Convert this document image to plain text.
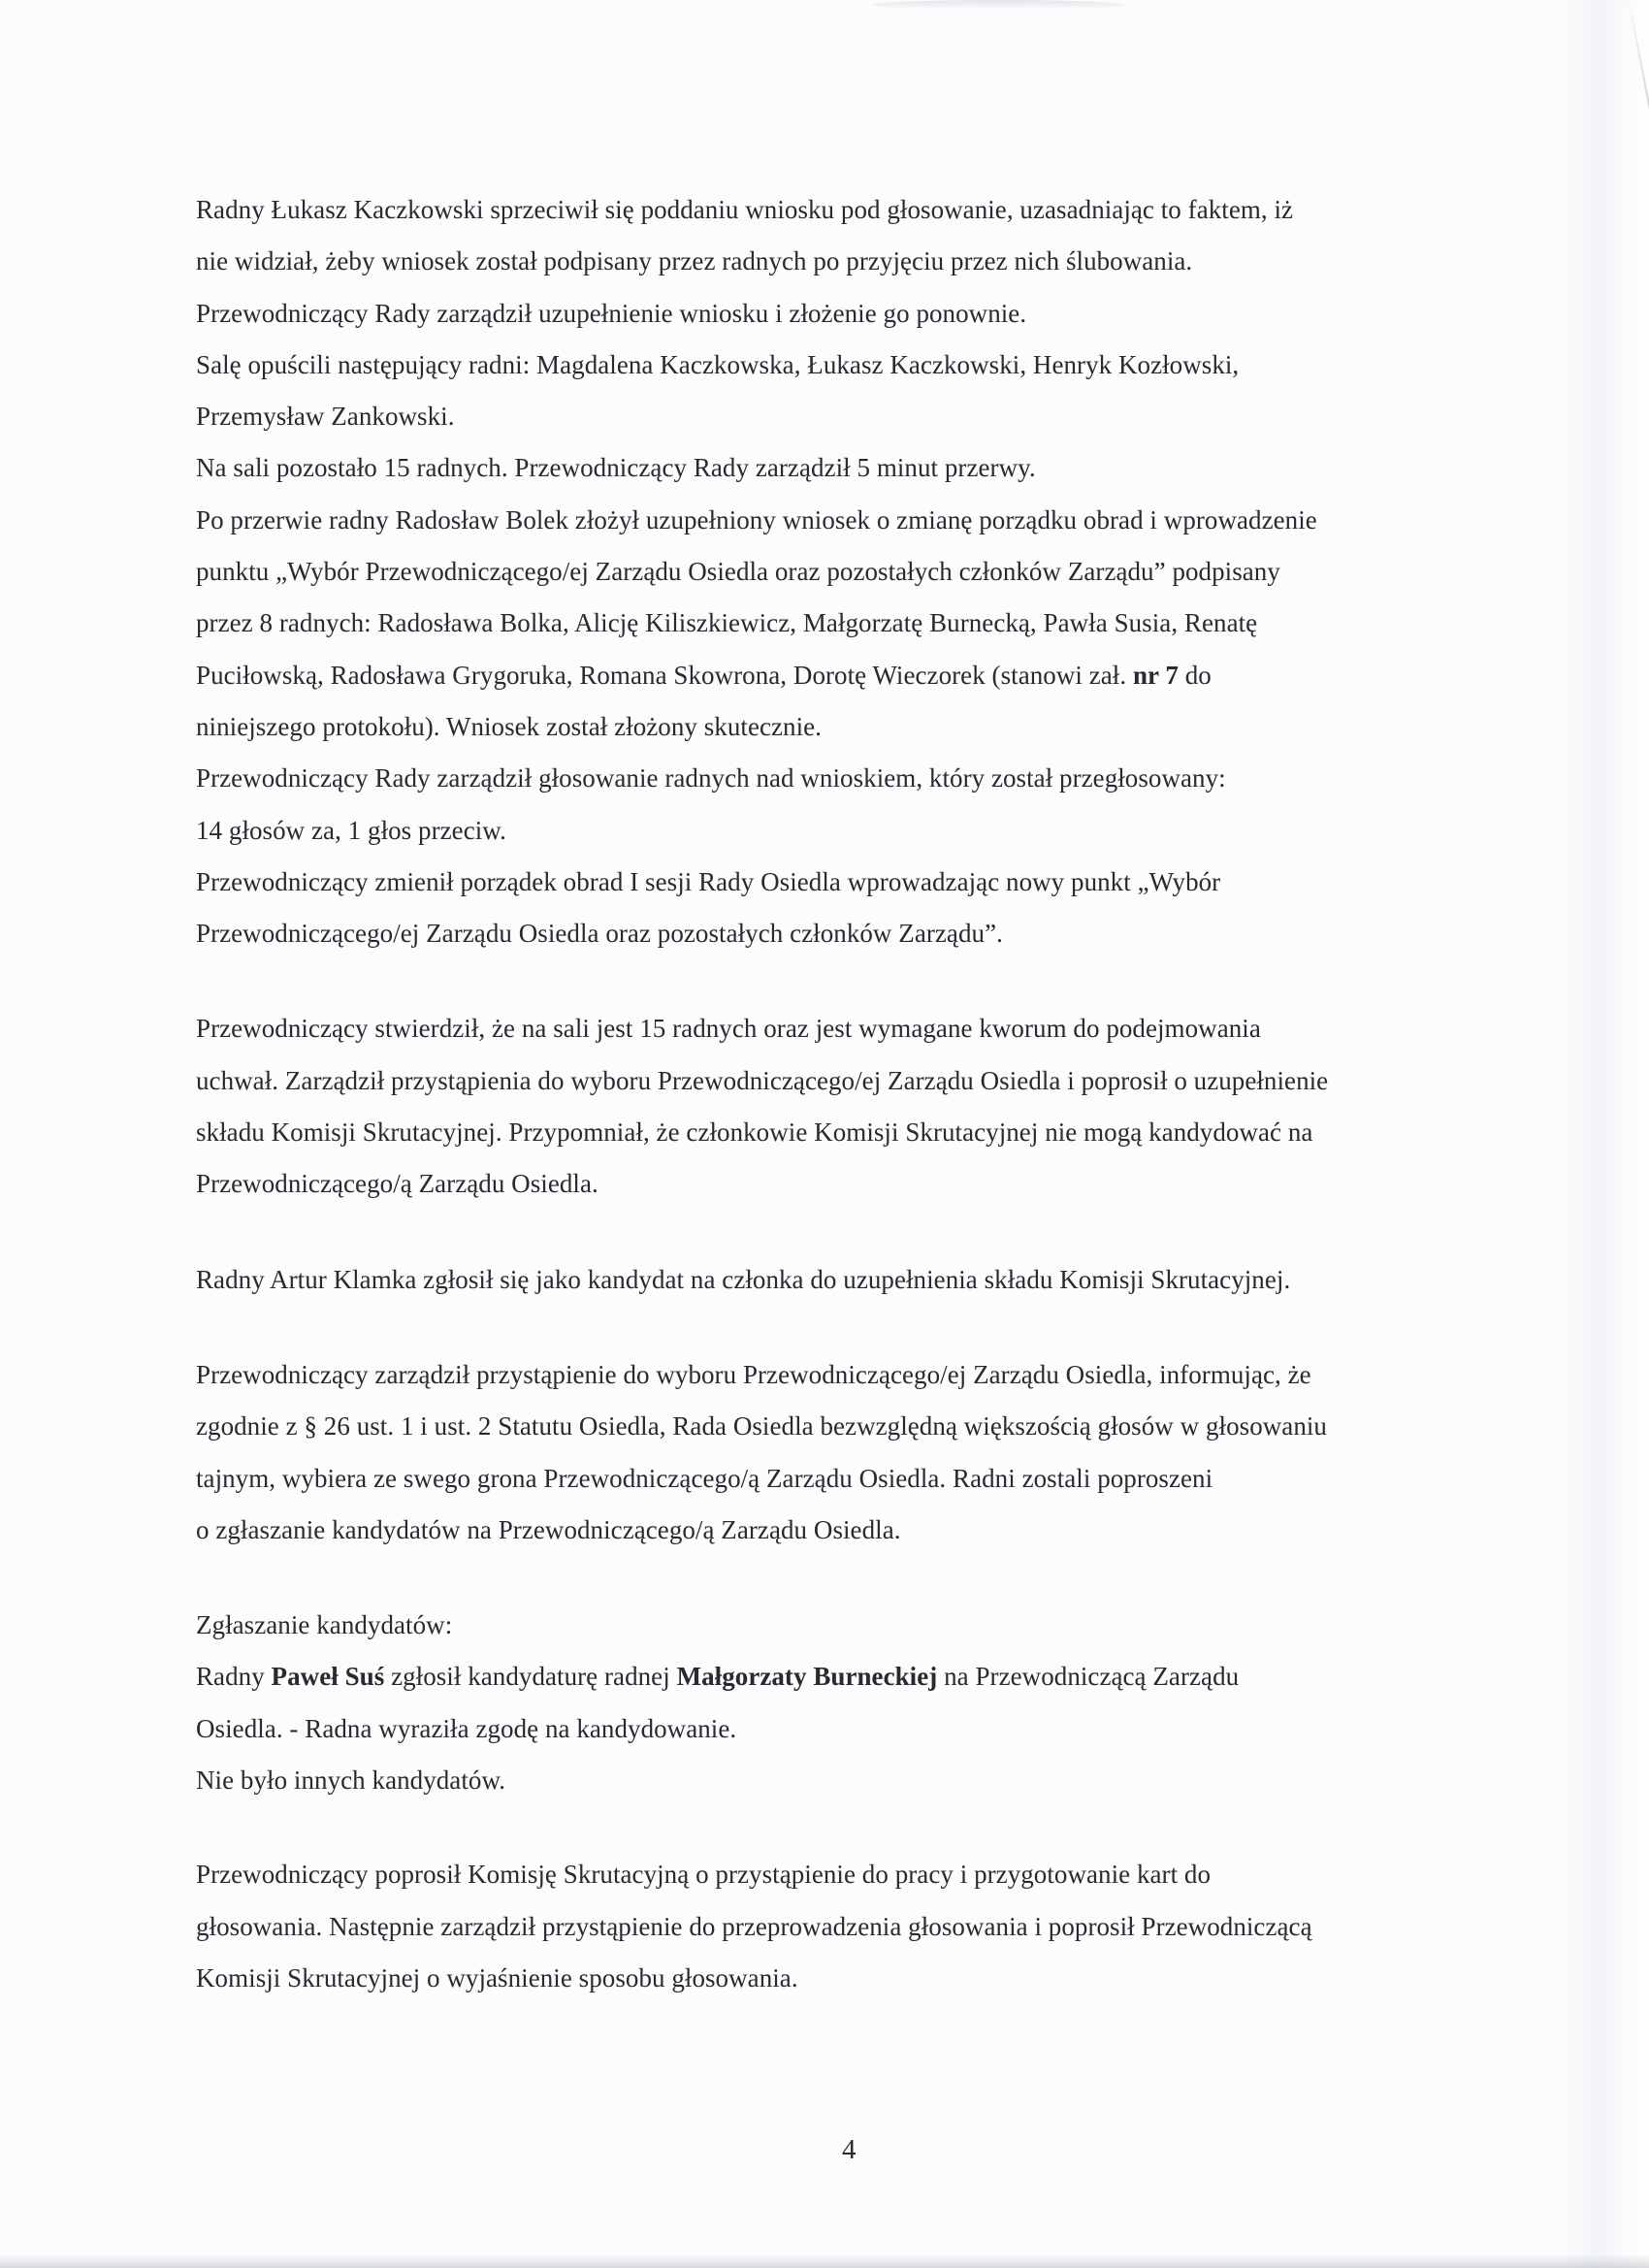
Radny Łukasz Kaczkowski sprzeciwił się poddaniu wniosku pod głosowanie, uzasadniając to faktem, iż
nie widział, żeby wniosek został podpisany przez radnych po przyjęciu przez nich ślubowania.
Przewodniczący Rady zarządził uzupełnienie wniosku i złożenie go ponownie.
Salę opuścili następujący radni: Magdalena Kaczkowska, Łukasz Kaczkowski, Henryk Kozłowski,
Przemysław Zankowski.
Na sali pozostało 15 radnych. Przewodniczący Rady zarządził 5 minut przerwy.
Po przerwie radny Radosław Bolek złożył uzupełniony wniosek o zmianę porządku obrad i wprowadzenie
punktu „Wybór Przewodniczącego/ej Zarządu Osiedla oraz pozostałych członków Zarządu” podpisany
przez 8 radnych: Radosława Bolka, Alicję Kiliszkiewicz, Małgorzatę Burnecką, Pawła Susia, Renatę
Puciłowską, Radosława Grygoruka, Romana Skowrona, Dorotę Wieczorek (stanowi zał. nr 7 do
niniejszego protokołu). Wniosek został złożony skutecznie.
Przewodniczący Rady zarządził głosowanie radnych nad wnioskiem, który został przegłosowany:
14 głosów za, 1 głos przeciw.
Przewodniczący zmienił porządek obrad I sesji Rady Osiedla wprowadzając nowy punkt „Wybór
Przewodniczącego/ej Zarządu Osiedla oraz pozostałych członków Zarządu”.
Przewodniczący stwierdził, że na sali jest 15 radnych oraz jest wymagane kworum do podejmowania
uchwał. Zarządził przystąpienia do wyboru Przewodniczącego/ej Zarządu Osiedla i poprosił o uzupełnienie
składu Komisji Skrutacyjnej. Przypomniał, że członkowie Komisji Skrutacyjnej nie mogą kandydować na
Przewodniczącego/ą Zarządu Osiedla.
Radny Artur Klamka zgłosił się jako kandydat na członka do uzupełnienia składu Komisji Skrutacyjnej.
Przewodniczący zarządził przystąpienie do wyboru Przewodniczącego/ej Zarządu Osiedla, informując, że
zgodnie z § 26 ust. 1 i ust. 2 Statutu Osiedla, Rada Osiedla bezwzględną większością głosów w głosowaniu
tajnym, wybiera ze swego grona Przewodniczącego/ą Zarządu Osiedla. Radni zostali poproszeni
o zgłaszanie kandydatów na Przewodniczącego/ą Zarządu Osiedla.
Zgłaszanie kandydatów:
Radny Paweł Suś zgłosił kandydaturę radnej Małgorzaty Burneckiej na Przewodniczącą Zarządu
Osiedla. - Radna wyraziła zgodę na kandydowanie.
Nie było innych kandydatów.
Przewodniczący poprosił Komisję Skrutacyjną o przystąpienie do pracy i przygotowanie kart do
głosowania. Następnie zarządził przystąpienie do przeprowadzenia głosowania i poprosił Przewodniczącą
Komisji Skrutacyjnej o wyjaśnienie sposobu głosowania.
4
